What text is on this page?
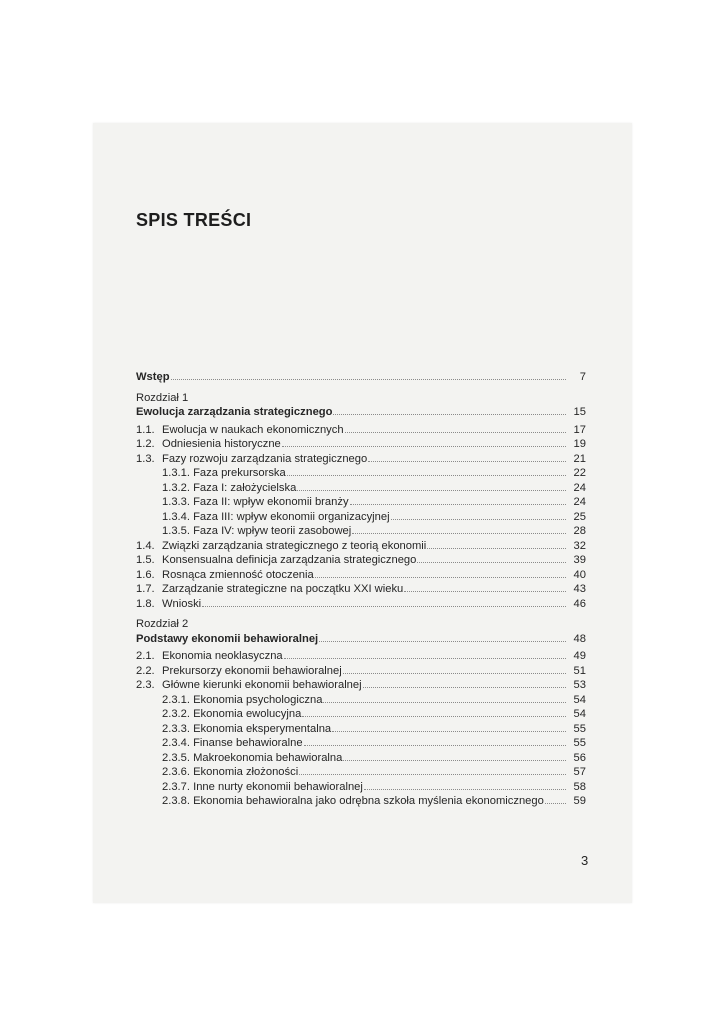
SPIS TREŚCI
Wstęp	7
Rozdział 1
Ewolucja zarządzania strategicznego	15
1.1. Ewolucja w naukach ekonomicznych	17
1.2. Odniesienia historyczne	19
1.3. Fazy rozwoju zarządzania strategicznego	21
1.3.1. Faza prekursorska	22
1.3.2. Faza I: założycielska	24
1.3.3. Faza II: wpływ ekonomii branży	24
1.3.4. Faza III: wpływ ekonomii organizacyjnej	25
1.3.5. Faza IV: wpływ teorii zasobowej	28
1.4. Związki zarządzania strategicznego z teorią ekonomii	32
1.5. Konsensualna definicja zarządzania strategicznego	39
1.6. Rosnąca zmienność otoczenia	40
1.7. Zarządzanie strategiczne na początku XXI wieku	43
1.8. Wnioski	46
Rozdział 2
Podstawy ekonomii behawioralnej	48
2.1. Ekonomia neoklasyczna	49
2.2. Prekursorzy ekonomii behawioralnej	51
2.3. Główne kierunki ekonomii behawioralnej	53
2.3.1. Ekonomia psychologiczna	54
2.3.2. Ekonomia ewolucyjna	54
2.3.3. Ekonomia eksperymentalna	55
2.3.4. Finanse behawioralne	55
2.3.5. Makroekonomia behawioralna	56
2.3.6. Ekonomia złożoności	57
2.3.7. Inne nurty ekonomii behawioralnej	58
2.3.8. Ekonomia behawioralna jako odrębna szkoła myślenia ekonomicznego	59
3
